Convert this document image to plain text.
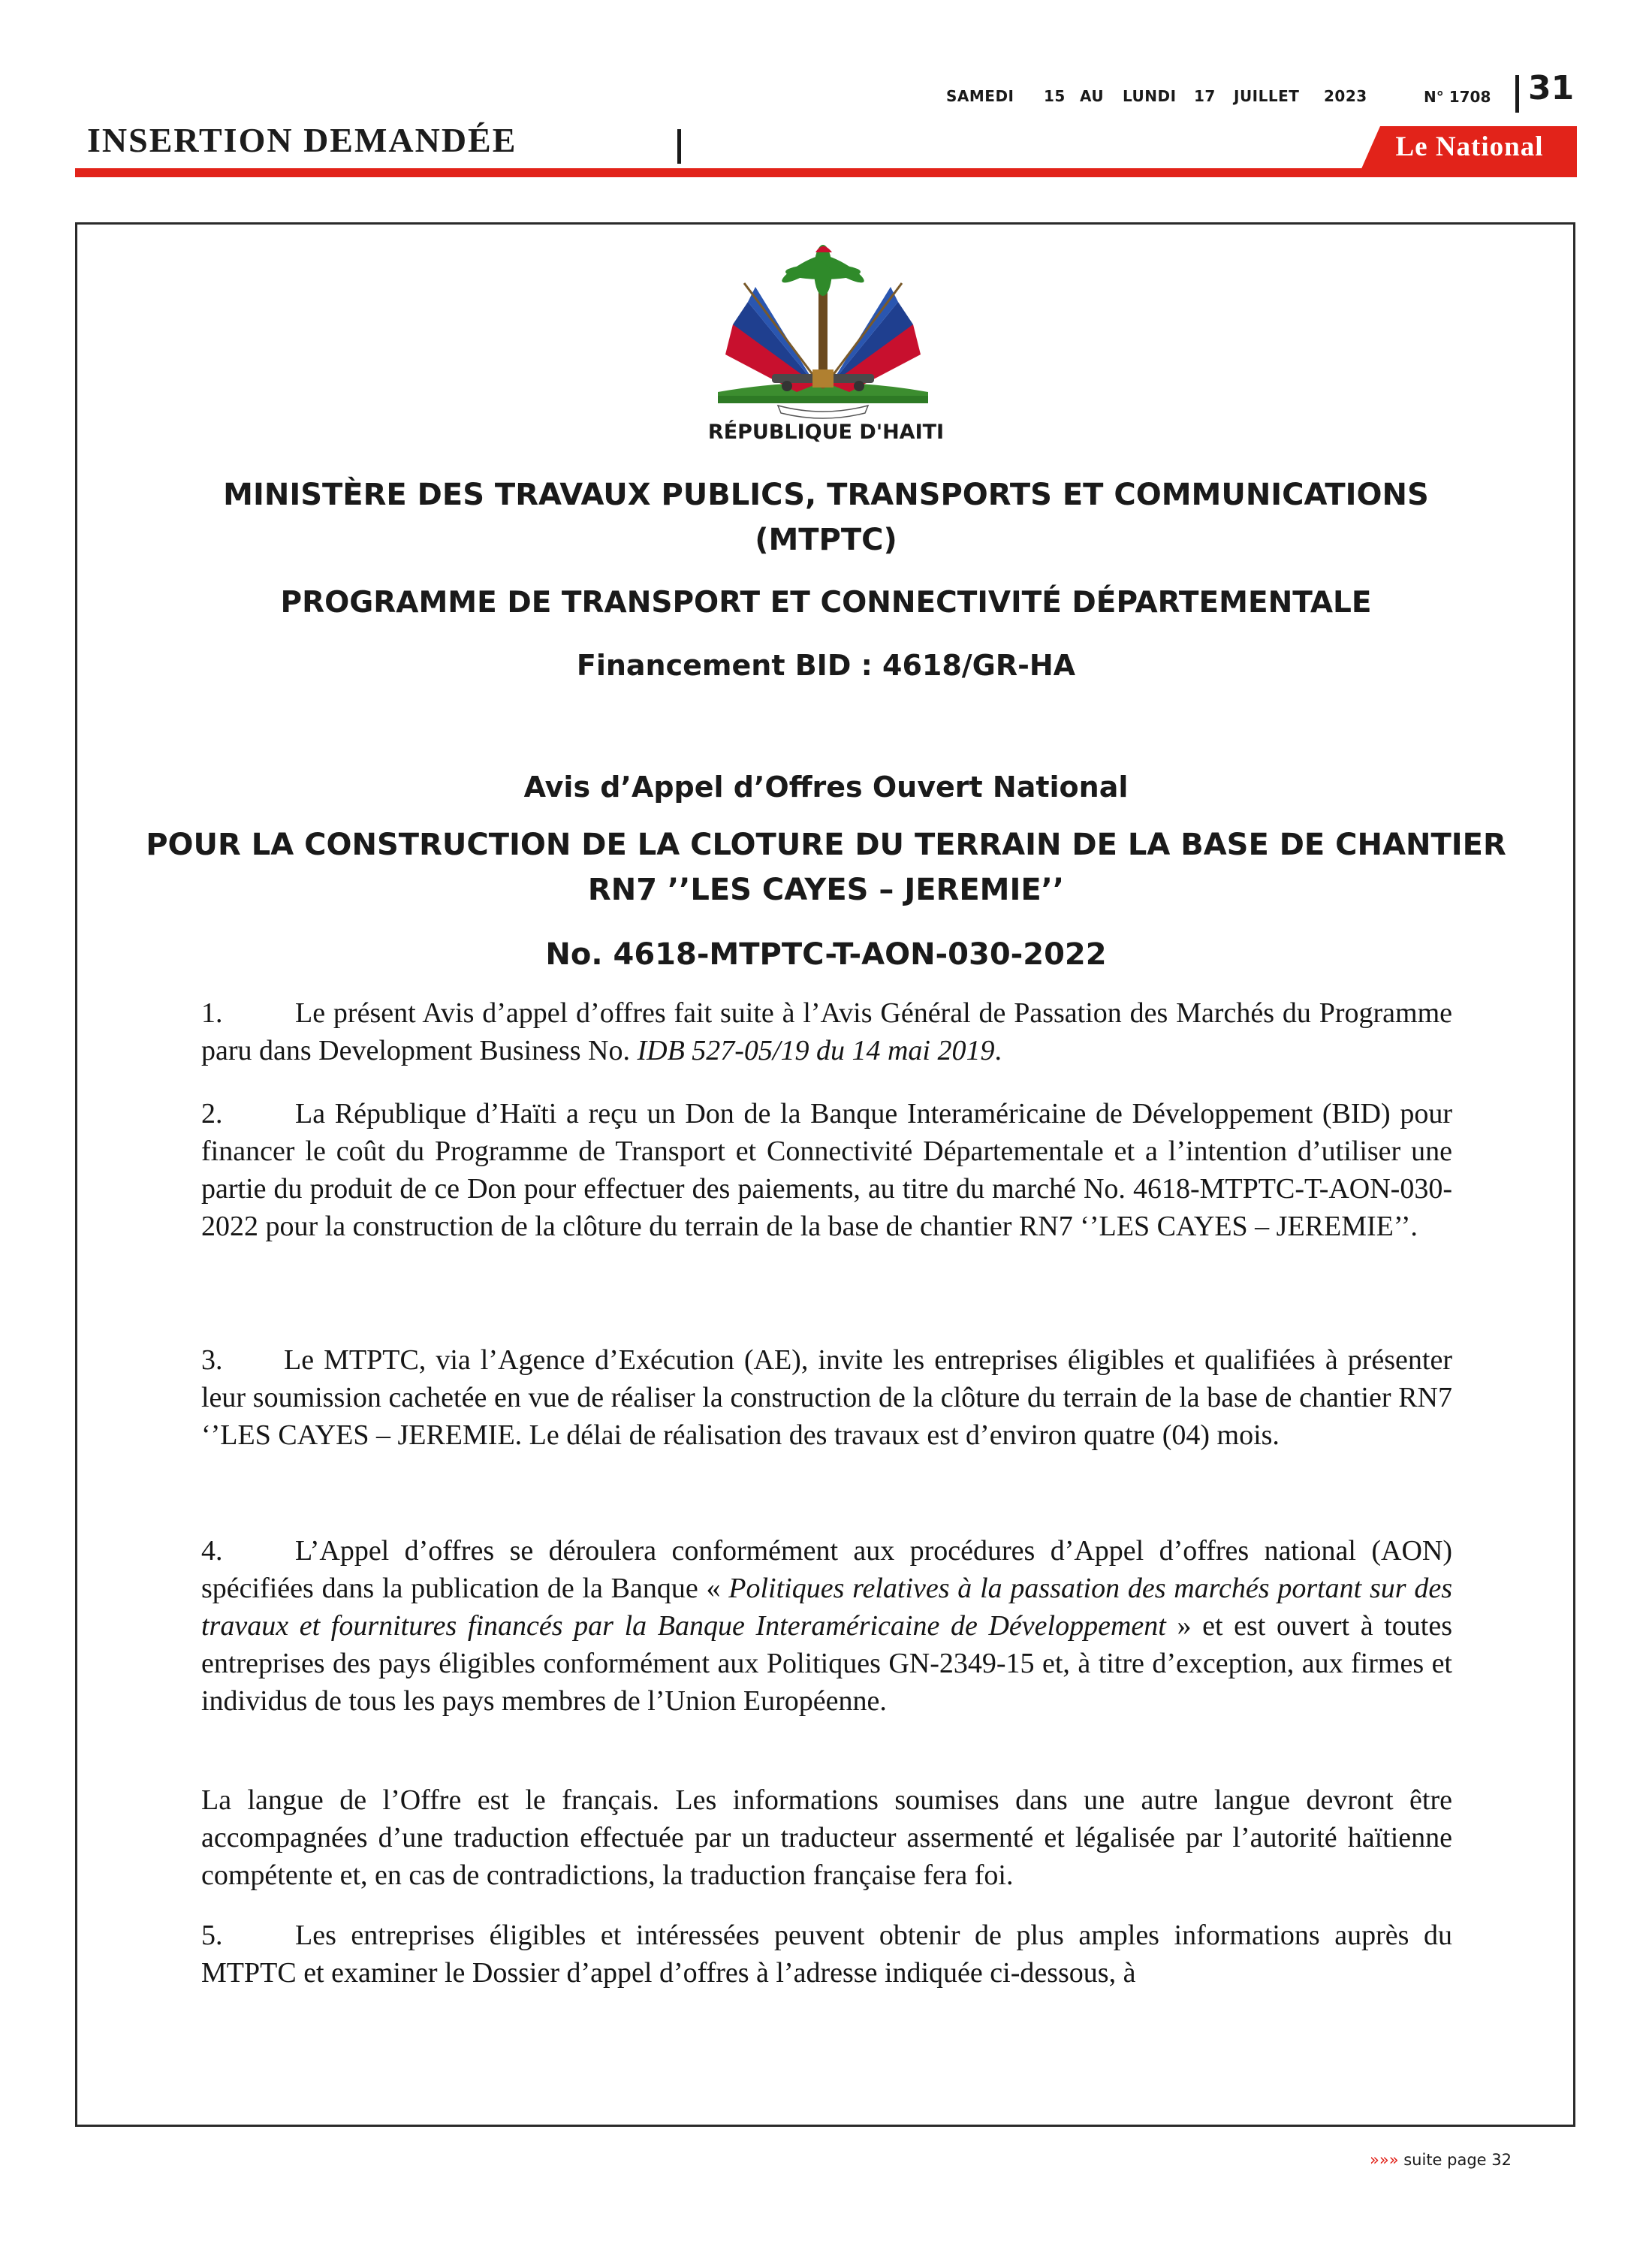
SAMEDI 15 AU LUNDI 17 JUILLET 2023	N° 1708 31
INSERTION DEMANDÉE	Le National
RÉPUBLIQUE D'HAITI
MINISTÈRE DES TRAVAUX PUBLICS, TRANSPORTS ET COMMUNICATIONS
(MTPTC)
PROGRAMME DE TRANSPORT ET CONNECTIVITÉ DÉPARTEMENTALE
Financement BID : 4618/GR-HA
Avis d’Appel d’Offres Ouvert National
POUR LA CONSTRUCTION DE LA CLOTURE DU TERRAIN DE LA BASE DE CHANTIER
RN7 ’’LES CAYES – JEREMIE’’
No. 4618-MTPTC-T-AON-030-2022
1.	Le présent Avis d’appel d’offres fait suite à l’Avis Général de Passation des Marchés du Programme paru dans Development Business No. IDB 527-05/19 du 14 mai 2019.
2.	La République d’Haïti a reçu un Don de la Banque Interaméricaine de Développement (BID) pour financer le coût du Programme de Transport et Connectivité Départementale et a l’intention d’utiliser une partie du produit de ce Don pour effectuer des paiements, au titre du marché No. 4618-MTPTC-T-AON-030-2022 pour la construction de la clôture du terrain de la base de chantier RN7 ‘’LES CAYES – JEREMIE’’.
3.	Le MTPTC, via l’Agence d’Exécution (AE), invite les entreprises éligibles et qualifiées à présenter leur soumission cachetée en vue de réaliser la construction de la clôture du terrain de la base de chantier RN7 ‘’LES CAYES – JEREMIE. Le délai de réalisation des travaux est d’environ quatre (04) mois.
4.	L’Appel d’offres se déroulera conformément aux procédures d’Appel d’offres national (AON) spécifiées dans la publication de la Banque « Politiques relatives à la passation des marchés portant sur des travaux et fournitures financés par la Banque Interaméricaine de Développement » et est ouvert à toutes entreprises des pays éligibles conformément aux Politiques GN-2349-15 et, à titre d’exception, aux firmes et individus de tous les pays membres de l’Union Européenne.
La langue de l’Offre est le français. Les informations soumises dans une autre langue devront être accompagnées d’une traduction effectuée par un traducteur assermenté et légalisée par l’autorité haïtienne compétente et, en cas de contradictions, la traduction française fera foi.
5.	Les entreprises éligibles et intéressées peuvent obtenir de plus amples informations auprès du MTPTC et examiner le Dossier d’appel d’offres à l’adresse indiquée ci-dessous, à
»»» suite page 32
